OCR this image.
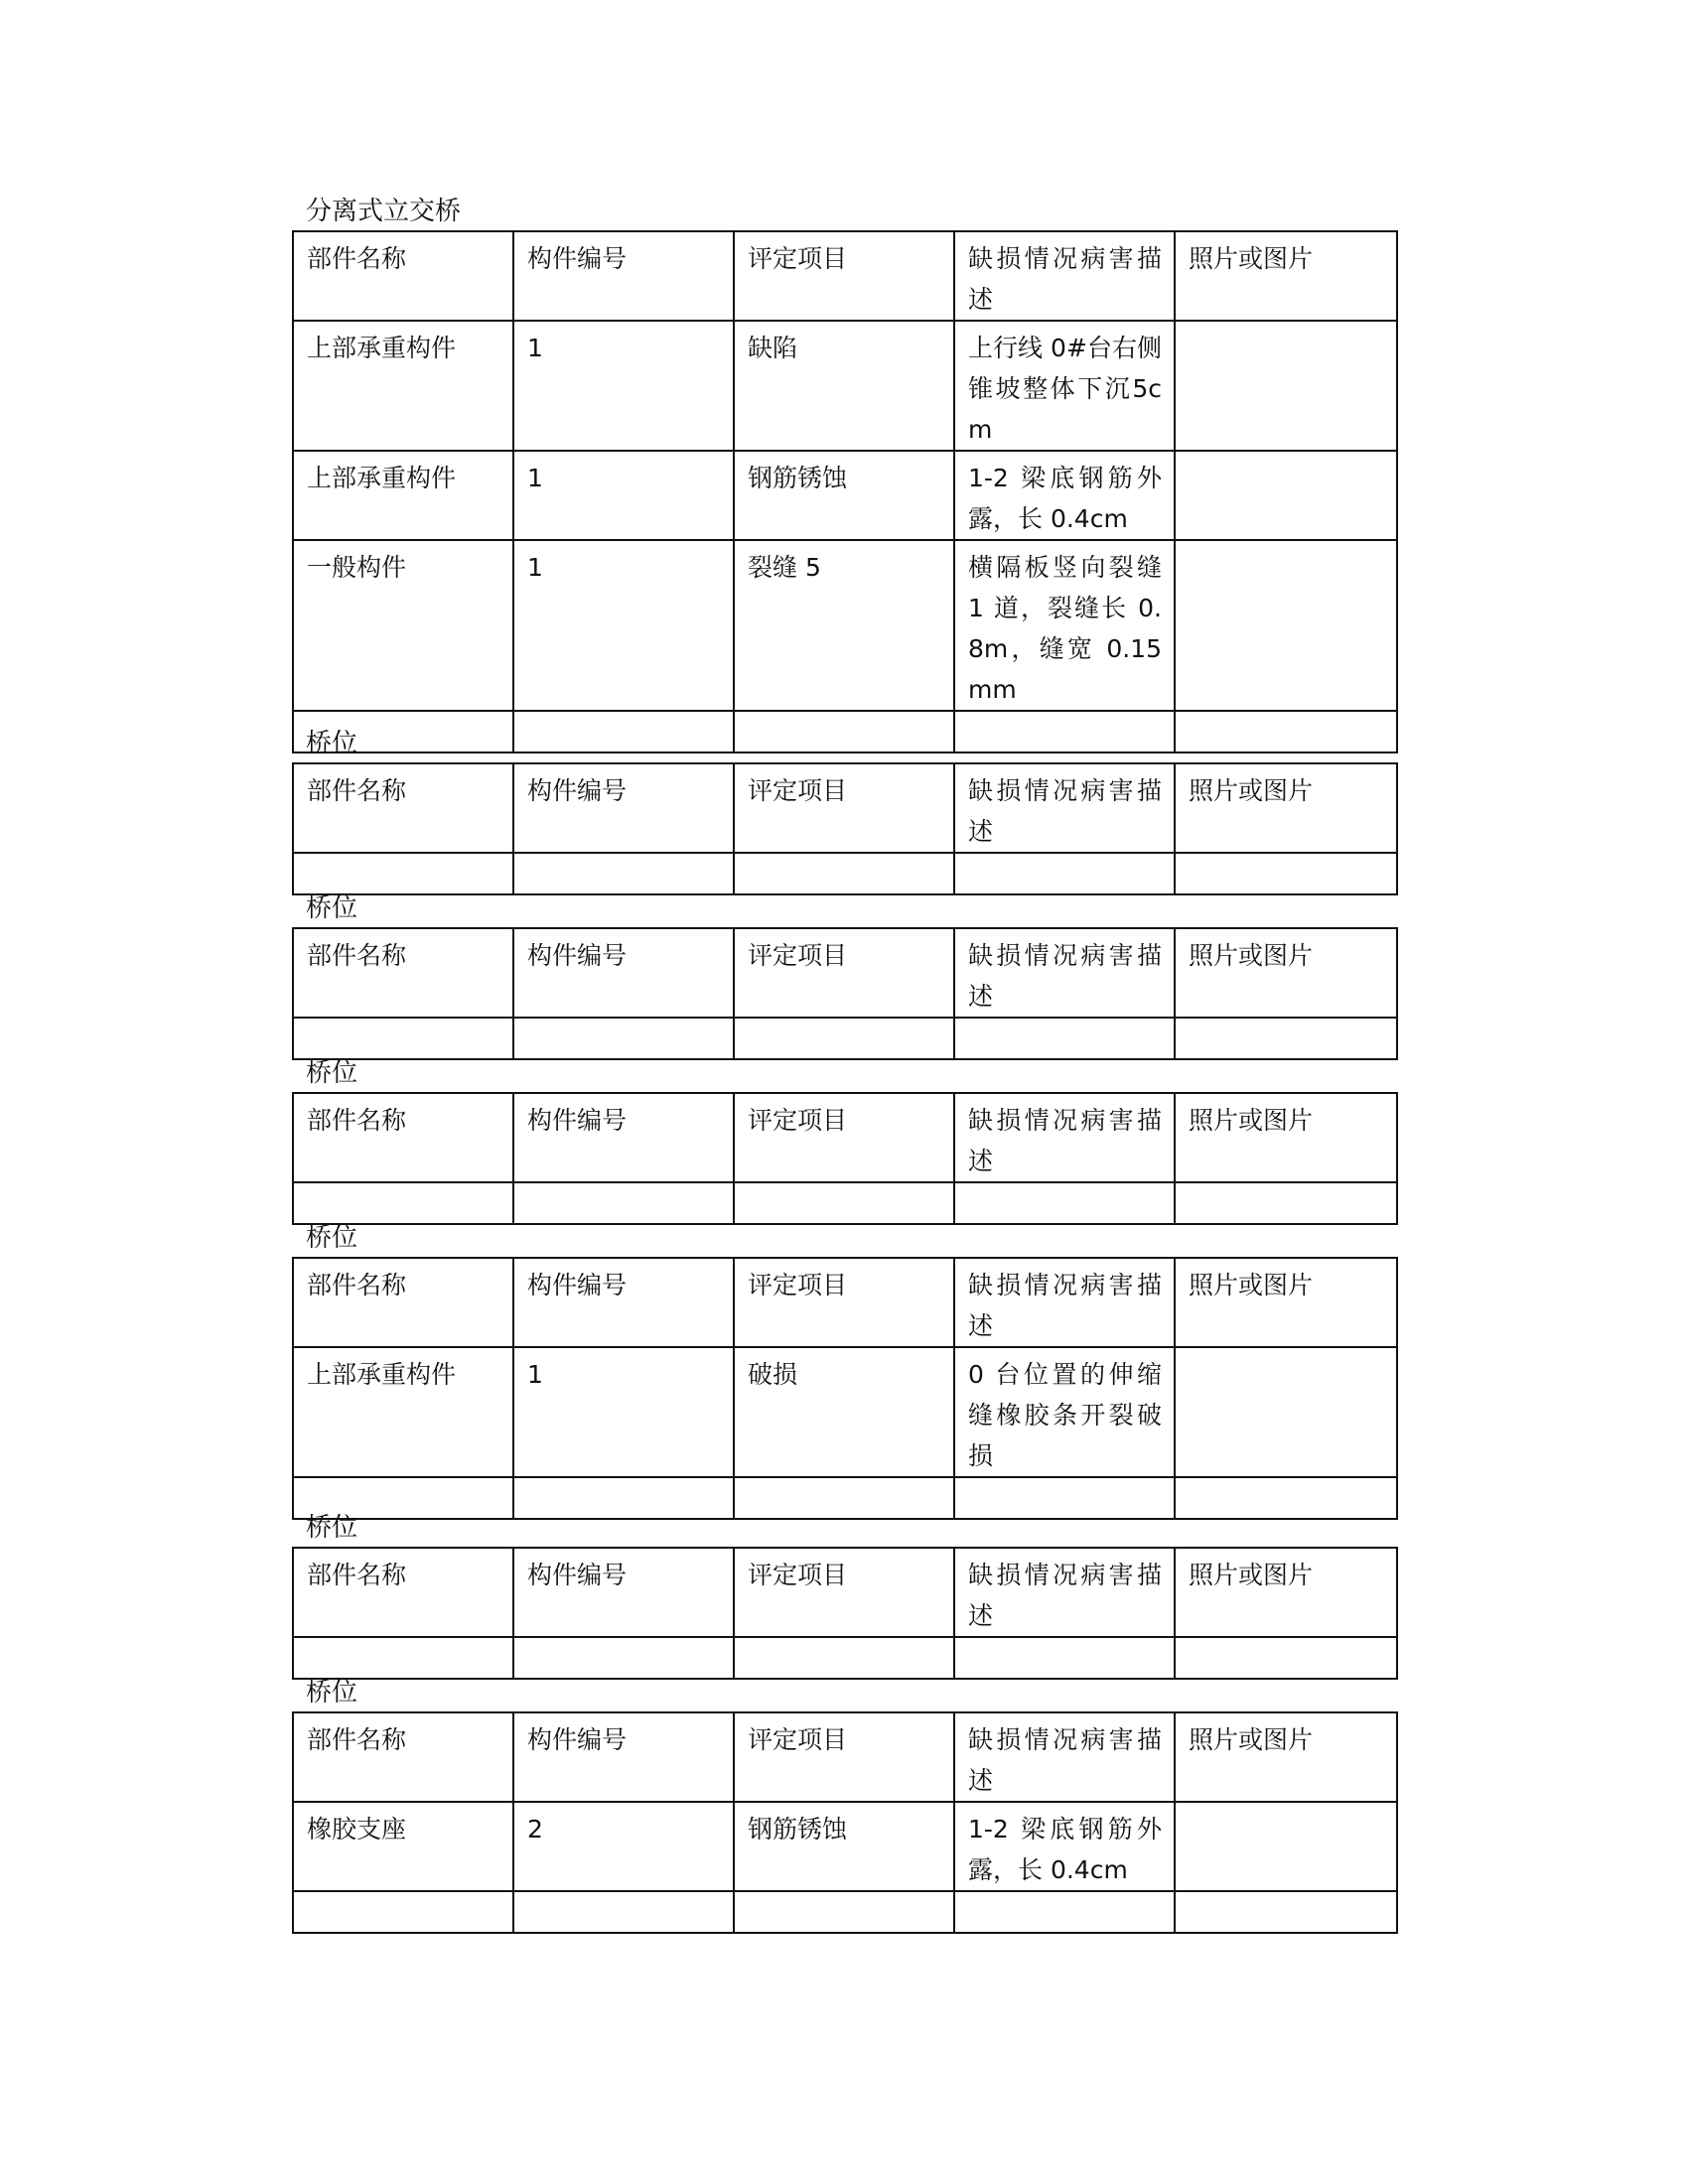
分离式立交桥
部件名称	构件编号	评定项目	缺损情况病害描述	照片或图片

上部承重构件	1	缺陷	上行线 0#台右侧锥坡整体下沉5cm	

上部承重构件	1	钢筋锈蚀	1-2 梁底钢筋外露，长 0.4cm	

一般构件	1	裂缝 5	横隔板竖向裂缝 1 道，裂缝长 0.8m，缝宽 0.15mm	

桥位
部件名称	构件编号	评定项目	缺损情况病害描述	照片或图片

桥位
部件名称	构件编号	评定项目	缺损情况病害描述	照片或图片

桥位
部件名称	构件编号	评定项目	缺损情况病害描述	照片或图片

桥位
部件名称	构件编号	评定项目	缺损情况病害描述	照片或图片

上部承重构件	1	破损	0 台位置的伸缩缝橡胶条开裂破损	

桥位
部件名称	构件编号	评定项目	缺损情况病害描述	照片或图片

桥位
部件名称	构件编号	评定项目	缺损情况病害描述	照片或图片

橡胶支座	2	钢筋锈蚀	1-2 梁底钢筋外露，长 0.4cm	
